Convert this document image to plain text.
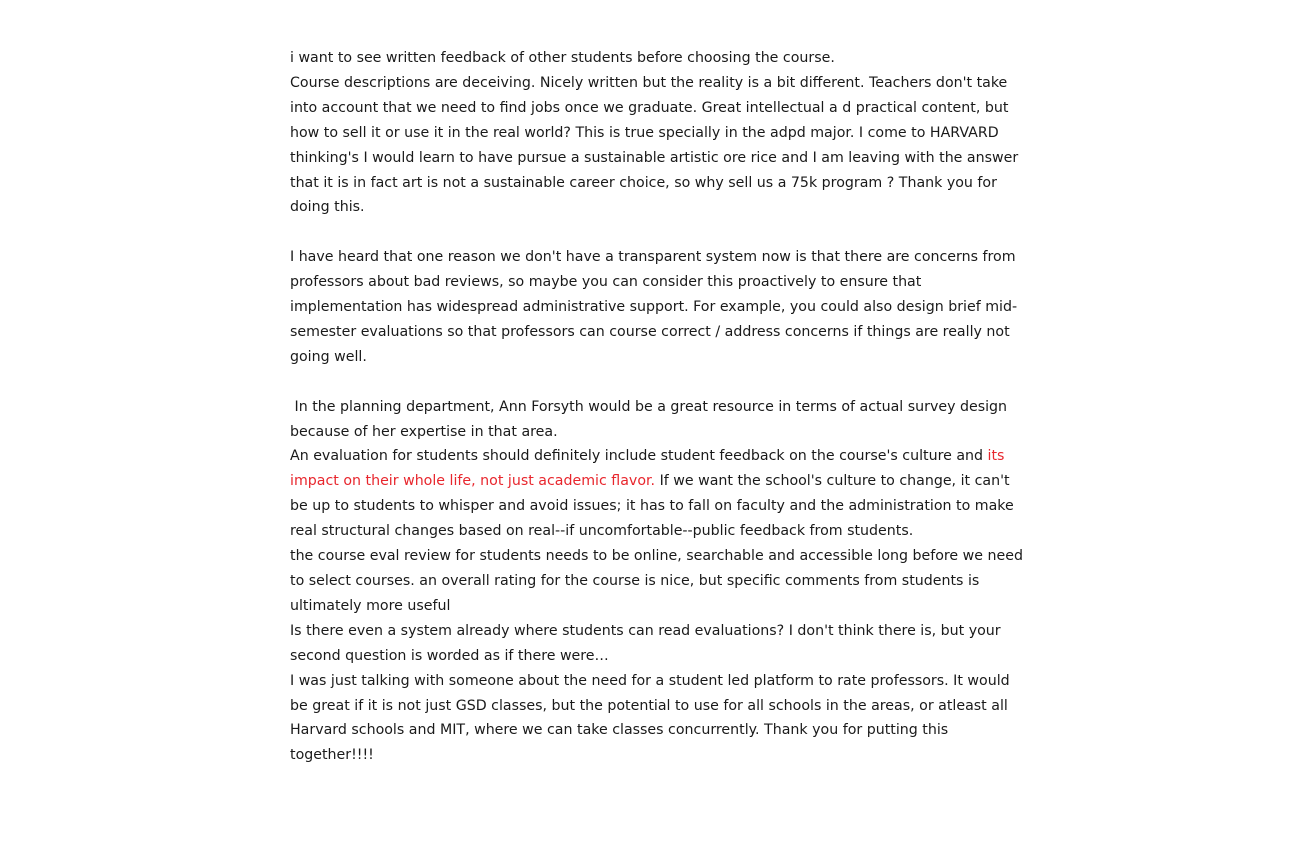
i want to see written feedback of other students before choosing the course.

Course descriptions are deceiving. Nicely written but the reality is a bit different. Teachers don't take into account that we need to find jobs once we graduate. Great intellectual a d practical content, but how to sell it or use it in the real world? This is true specially in the adpd major. I come to HARVARD thinking's I would learn to have pursue a sustainable artistic ore rice and I am leaving with the answer that it is in fact art is not a sustainable career choice, so why sell us a 75k program ? Thank you for doing this.

I have heard that one reason we don't have a transparent system now is that there are concerns from professors about bad reviews, so maybe you can consider this proactively to ensure that implementation has widespread administrative support. For example, you could also design brief mid-semester evaluations so that professors can course correct / address concerns if things are really not going well.

In the planning department, Ann Forsyth would be a great resource in terms of actual survey design because of her expertise in that area.

An evaluation for students should definitely include student feedback on the course's culture and its impact on their whole life, not just academic flavor. If we want the school's culture to change, it can't be up to students to whisper and avoid issues; it has to fall on faculty and the administration to make real structural changes based on real--if uncomfortable--public feedback from students.

the course eval review for students needs to be online, searchable and accessible long before we need to select courses. an overall rating for the course is nice, but specific comments from students is ultimately more useful

Is there even a system already where students can read evaluations? I don't think there is, but your second question is worded as if there were…

I was just talking with someone about the need for a student led platform to rate professors. It would be great if it is not just GSD classes, but the potential to use for all schools in the areas, or atleast all Harvard schools and MIT, where we can take classes concurrently. Thank you for putting this together!!!!
